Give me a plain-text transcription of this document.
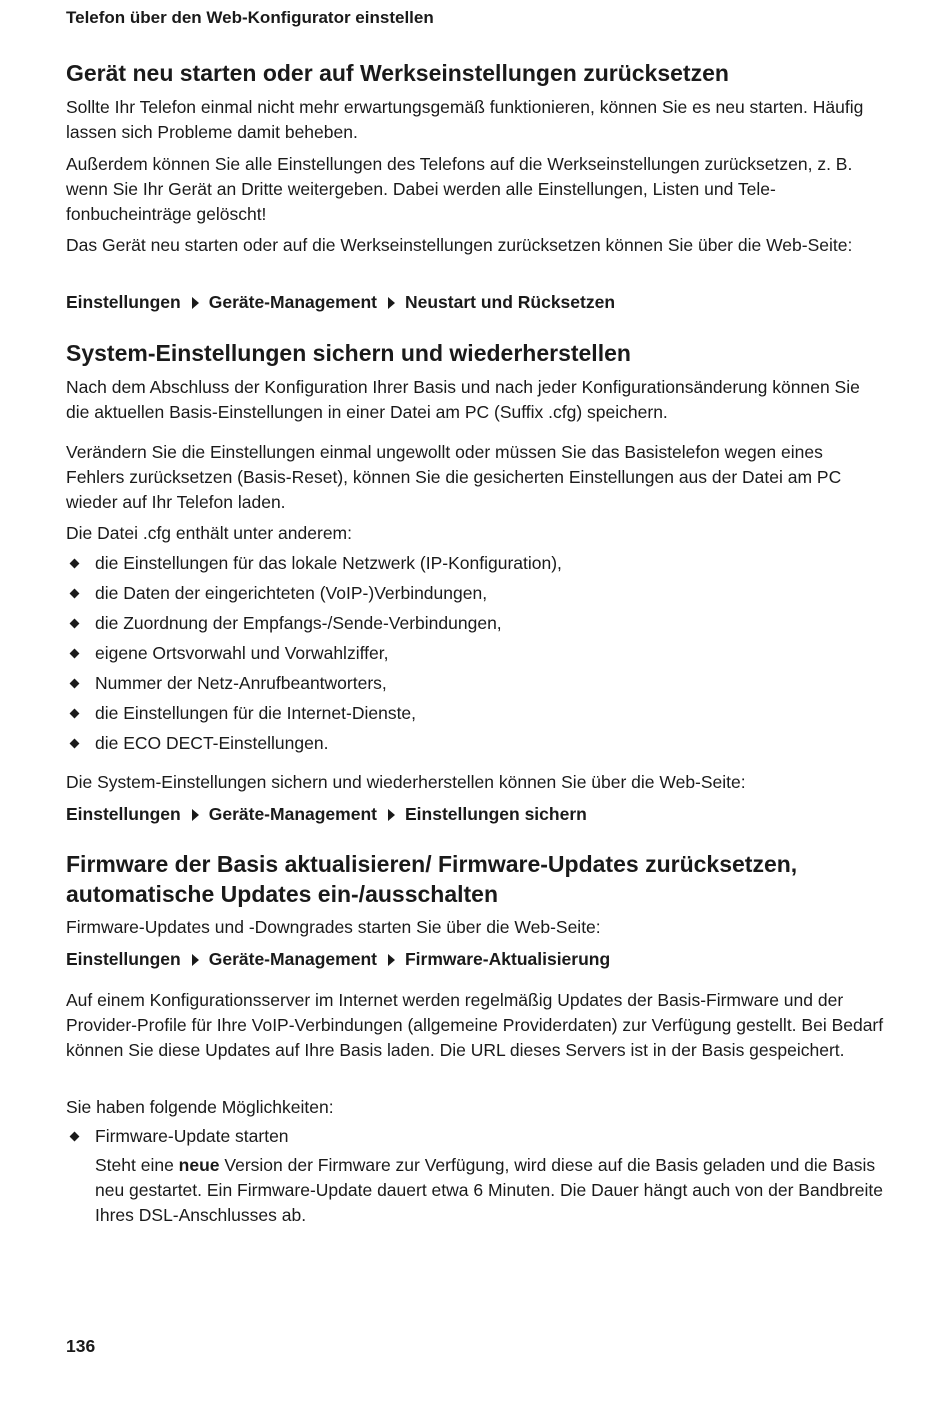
Telefon über den Web-Konfigurator einstellen
Gerät neu starten oder auf Werkseinstellungen zurücksetzen

Sollte Ihr Telefon einmal nicht mehr erwartungsgemäß funktionieren, können Sie es neu starten. Häufig lassen sich Probleme damit beheben.

Außerdem können Sie alle Einstellungen des Telefons auf die Werkseinstellungen zurücksetzen, z. B. wenn Sie Ihr Gerät an Dritte weitergeben. Dabei werden alle Einstellungen, Listen und Telefonbucheinträge gelöscht!

Das Gerät neu starten oder auf die Werkseinstellungen zurücksetzen können Sie über die Web-Seite:

Einstellungen Geräte-Management Neustart und Rücksetzen
System-Einstellungen sichern und wiederherstellen

Nach dem Abschluss der Konfiguration Ihrer Basis und nach jeder Konfigurationsänderung können Sie die aktuellen Basis-Einstellungen in einer Datei am PC (Suffix .cfg) speichern.

Verändern Sie die Einstellungen einmal ungewollt oder müssen Sie das Basistelefon wegen eines Fehlers zurücksetzen (Basis-Reset), können Sie die gesicherten Einstellungen aus der Datei am PC wieder auf Ihr Telefon laden.

Die Datei .cfg enthält unter anderem:

die Einstellungen für das lokale Netzwerk (IP-Konfiguration),
die Daten der eingerichteten (VoIP-)Verbindungen,
die Zuordnung der Empfangs-/Sende-Verbindungen,
eigene Ortsvorwahl und Vorwahlziffer,
Nummer der Netz-Anrufbeantworters,
die Einstellungen für die Internet-Dienste,
die ECO DECT-Einstellungen.

Die System-Einstellungen sichern und wiederherstellen können Sie über die Web-Seite:

Einstellungen Geräte-Management Einstellungen sichern
Firmware der Basis aktualisieren/ Firmware-Updates zurücksetzen,
automatische Updates ein-/ausschalten

Firmware-Updates und -Downgrades starten Sie über die Web-Seite:

Einstellungen Geräte-Management Firmware-Aktualisierung

Auf einem Konfigurationsserver im Internet werden regelmäßig Updates der Basis-Firmware und der Provider-Profile für Ihre VoIP-Verbindungen (allgemeine Providerdaten) zur Verfügung gestellt. Bei Bedarf können Sie diese Updates auf Ihre Basis laden. Die URL dieses Servers ist in der Basis gespeichert.

Sie haben folgende Möglichkeiten:

Firmware-Update starten

Steht eine neue Version der Firmware zur Verfügung, wird diese auf die Basis geladen und die Basis neu gestartet. Ein Firmware-Update dauert etwa 6 Minuten. Die Dauer hängt auch von der Bandbreite Ihres DSL-Anschlusses ab.

136
